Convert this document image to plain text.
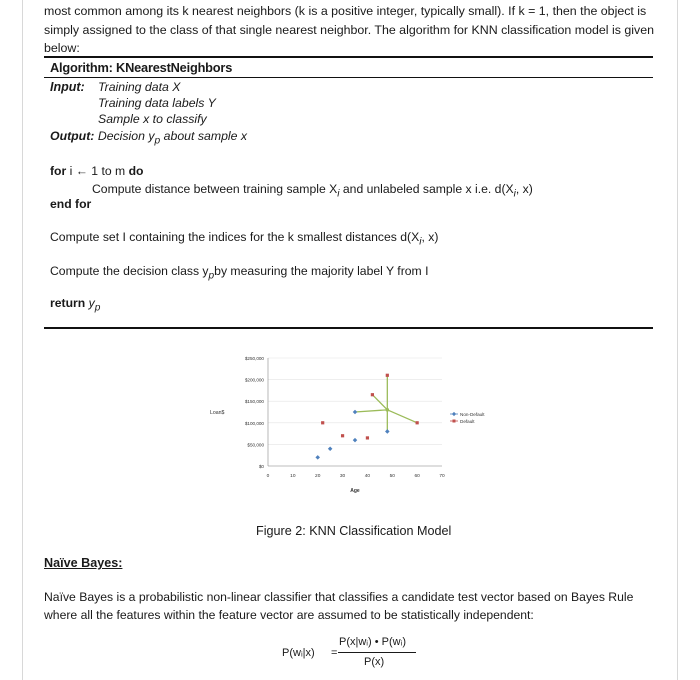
most common among its k nearest neighbors (k is a positive integer, typically small). If k = 1, then the object is simply assigned to the class of that single nearest neighbor. The algorithm for KNN classification model is given below:
Algorithm: KNearestNeighbors
Input: Training data X
Training data labels Y
Sample x to classify
Output: Decision $y_p$ about sample x
for i ← 1 to m do
Compute distance between training sample $X_i$ and unlabeled sample x i.e. $d(X_i$, x)
end for
Compute set I containing the indices for the k smallest distances $d(X_i$, x)
Compute the decision class $y_pby$ measuring the majority label Y from I
return $y_p$
$0
$50,000
$100,000
$150,000
$200,000
$250,000
0	10	20	30	40	50	60	70
Age
Loan$	Non-Default
Default
Figure 2: KNN Classification Model
Naïve Bayes:
Naïve Bayes is a probabilistic non-linear classifier that classifies a candidate test vector based on Bayes Rule where all the features within the feature vector are assumed to be statistically independent:
P(wᵢ|x) =
P(x|wᵢ) • P(wᵢ)
P(x)
